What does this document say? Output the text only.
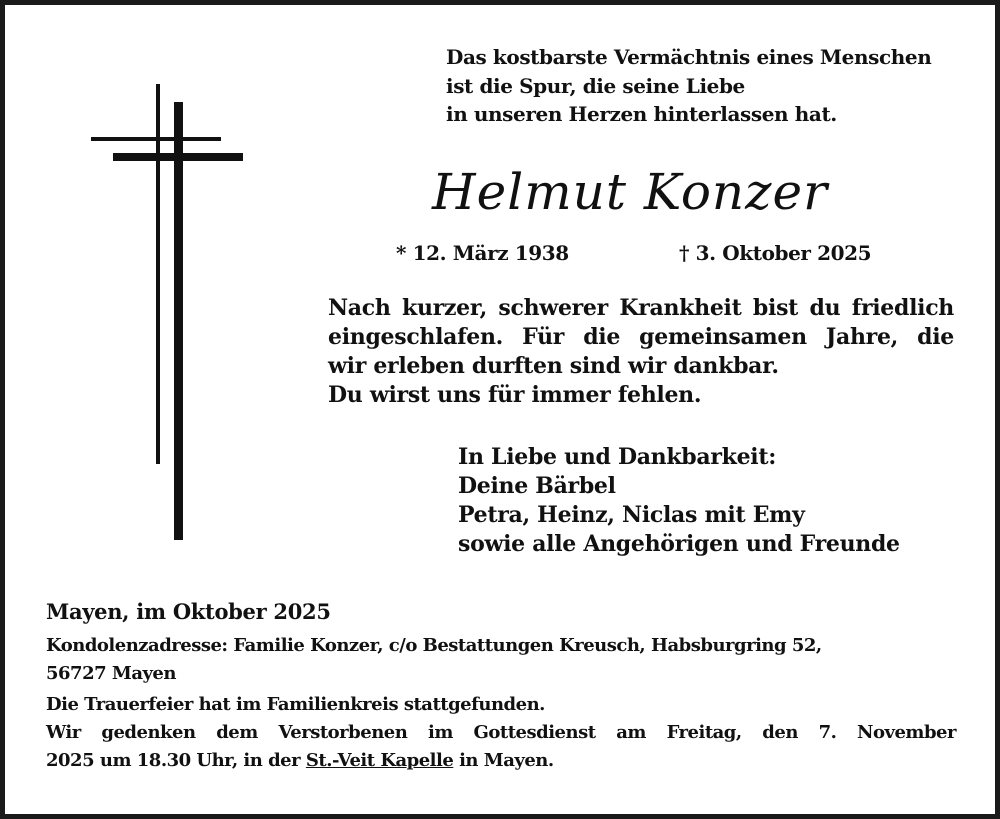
Das kostbarste Vermächtnis eines Menschen
ist die Spur, die seine Liebe
in unseren Herzen hinterlassen hat.
Helmut Konzer
* 12. März 1938	† 3. Oktober 2025
Nach kurzer, schwerer Krankheit bist du friedlich
eingeschlafen. Für die gemeinsamen Jahre, die
wir erleben durften sind wir dankbar.
Du wirst uns für immer fehlen.
In Liebe und Dankbarkeit:
Deine Bärbel
Petra, Heinz, Niclas mit Emy
sowie alle Angehörigen und Freunde
Mayen, im Oktober 2025
Kondolenzadresse: Familie Konzer, c/o Bestattungen Kreusch, Habsburgring 52,
56727 Mayen
Die Trauerfeier hat im Familienkreis stattgefunden.
Wir gedenken dem Verstorbenen im Gottesdienst am Freitag, den 7. November
2025 um 18.30 Uhr, in der St.-Veit Kapelle in Mayen.
